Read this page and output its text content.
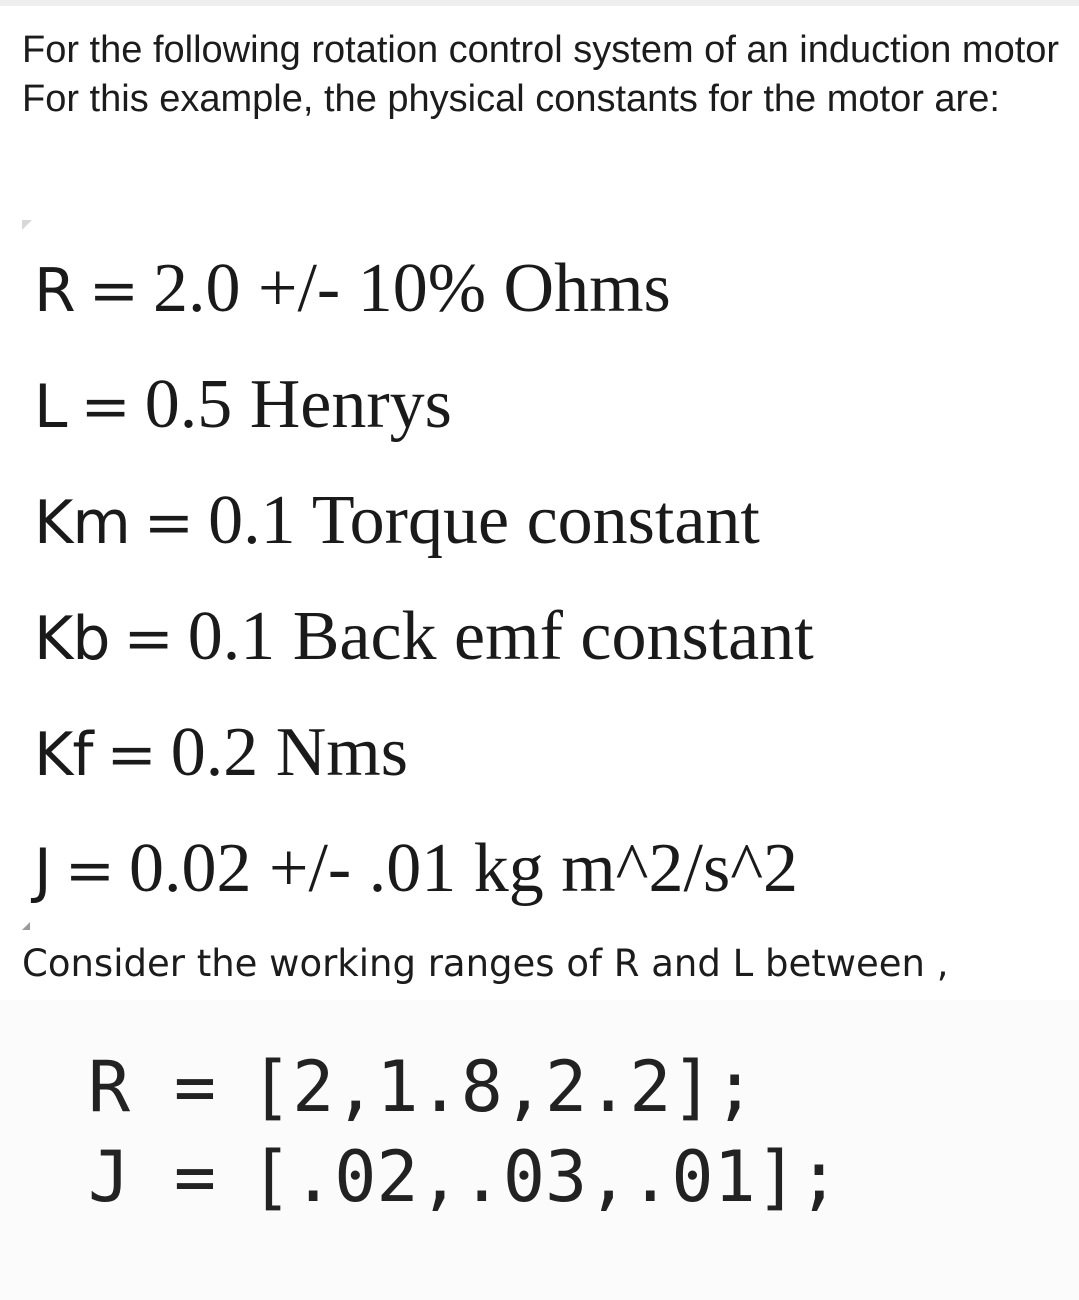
For the following rotation control system of an induction motor

For this example, the physical constants for the motor are:

R = 2.0 +/- 10% Ohms
L = 0.5 Henrys
Km = 0.1 Torque constant
Kb = 0.1 Back emf constant
Kf = 0.2 Nms
J = 0.02 +/- .01 kg m^2/s^2
Consider the working ranges of R and L between ,
R = [2,1.8,2.2];
J = [.02,.03,.01];
